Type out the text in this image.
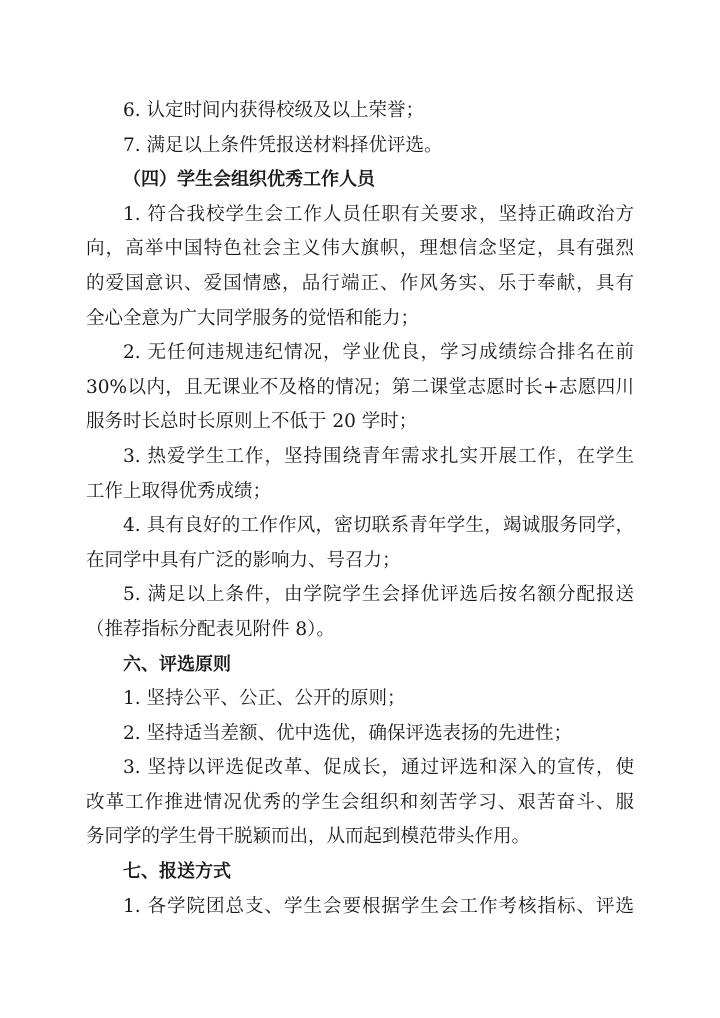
6. 认定时间内获得校级及以上荣誉；
7. 满足以上条件凭报送材料择优评选。
（四）学生会组织优秀工作人员
1. 符合我校学生会工作人员任职有关要求，坚持正确政治方
向，高举中国特色社会主义伟大旗帜，理想信念坚定，具有强烈
的爱国意识、爱国情感，品行端正、作风务实、乐于奉献，具有
全心全意为广大同学服务的觉悟和能力；
2. 无任何违规违纪情况，学业优良，学习成绩综合排名在前
30%以内，且无课业不及格的情况；第二课堂志愿时长+志愿四川
服务时长总时长原则上不低于 20 学时；
3. 热爱学生工作，坚持围绕青年需求扎实开展工作，在学生
工作上取得优秀成绩；
4. 具有良好的工作作风，密切联系青年学生，竭诚服务同学，
在同学中具有广泛的影响力、号召力；
5. 满足以上条件，由学院学生会择优评选后按名额分配报送
（推荐指标分配表见附件 8）。
六、评选原则
1. 坚持公平、公正、公开的原则；
2. 坚持适当差额、优中选优，确保评选表扬的先进性；
3. 坚持以评选促改革、促成长，通过评选和深入的宣传，使
改革工作推进情况优秀的学生会组织和刻苦学习、艰苦奋斗、服
务同学的学生骨干脱颖而出，从而起到模范带头作用。
七、报送方式
1. 各学院团总支、学生会要根据学生会工作考核指标、评选
